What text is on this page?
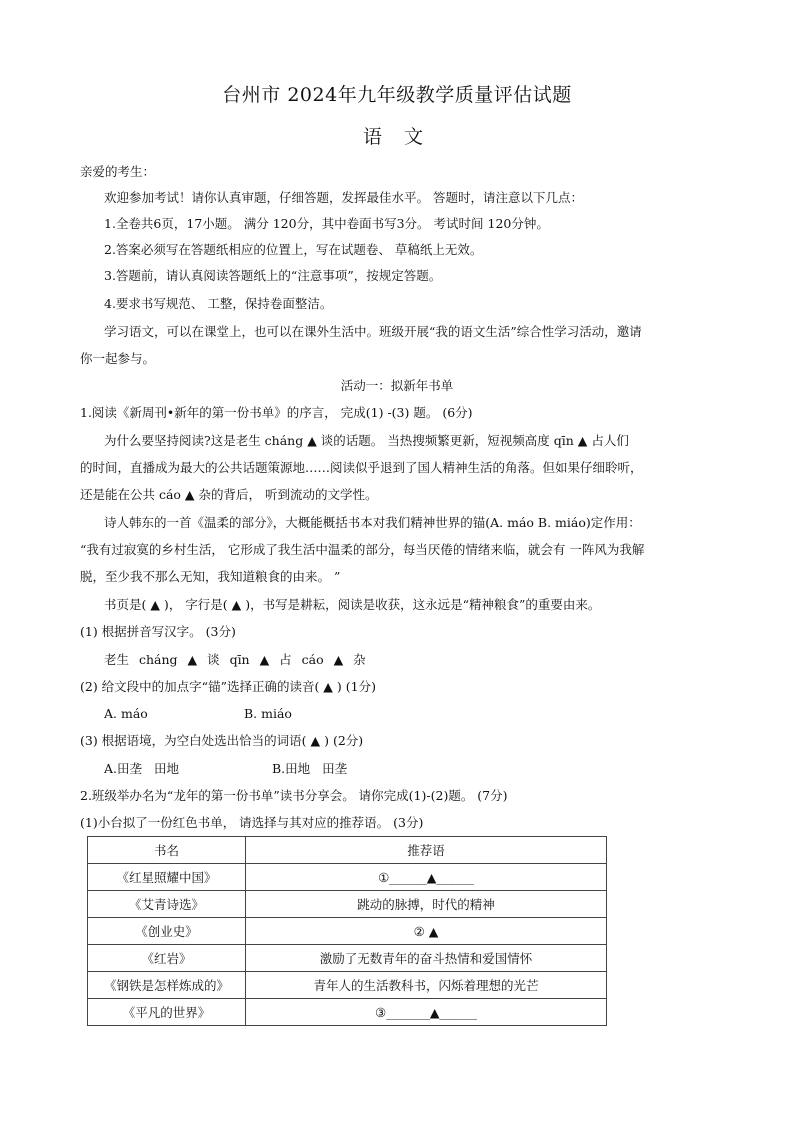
台州市 2024年九年级教学质量评估试题
语 文
亲爱的考生：
欢迎参加考试！请你认真审题，仔细答题，发挥最佳水平。 答题时，请注意以下几点：
1.全卷共6页，17小题。 满分 120分，其中卷面书写3分。 考试时间 120分钟。
2.答案必须写在答题纸相应的位置上，写在试题卷、 草稿纸上无效。
3.答题前，请认真阅读答题纸上的“注意事项”，按规定答题。
4.要求书写规范、 工整，保持卷面整洁。
学习语文，可以在课堂上，也可以在课外生活中。班级开展“我的语文生活”综合性学习活动，邀请
你一起参与。
活动一：拟新年书单
1.阅读《新周刊•新年的第一份书单》的序言， 完成(1) -(3) 题。 (6分)
为什么要坚持阅读?这是老生 cháng ▲ 谈的话题。 当热搜频繁更新，短视频高度 qīn ▲ 占人们
的时间，直播成为最大的公共话题策源地……阅读似乎退到了国人精神生活的角落。但如果仔细聆听，
还是能在公共 cáo ▲ 杂的背后， 听到流动的文学性。
诗人韩东的一首《温柔的部分》，大概能概括书本对我们精神世界的锚(A. máo B. miáo)定作用：
“我有过寂寞的乡村生活， 它形成了我生活中温柔的部分，每当厌倦的情绪来临，就会有 一阵风为我解
脱，至少我不那么无知，我知道粮食的由来。 ”
书页是( ▲ )， 字行是( ▲ )，书写是耕耘，阅读是收获，这永远是“精神粮食”的重要由来。
(1) 根据拼音写汉字。 (3分)
老生 cháng ▲ 谈 qīn ▲ 占 cáo ▲ 杂
(2) 给文段中的加点字“锚”选择正确的读音( ▲ ) (1分)
A. máo	B. miáo
(3) 根据语境，为空白处选出恰当的词语( ▲ ) (2分)
A.田垄 田地	B.田地 田垄
2.班级举办名为“龙年的第一份书单”读书分享会。 请你完成(1)-(2)题。 (7分)
(1)小台拟了一份红色书单， 请选择与其对应的推荐语。 (3分)
书名	推荐语
《红星照耀中国》	①______▲______
《艾青诗选》	跳动的脉搏，时代的精神
《创业史》	② ▲
《红岩》	激励了无数青年的奋斗热情和爱国情怀
《钢铁是怎样炼成的》	青年人的生活教科书，闪烁着理想的光芒
《平凡的世界》	③_______▲______
